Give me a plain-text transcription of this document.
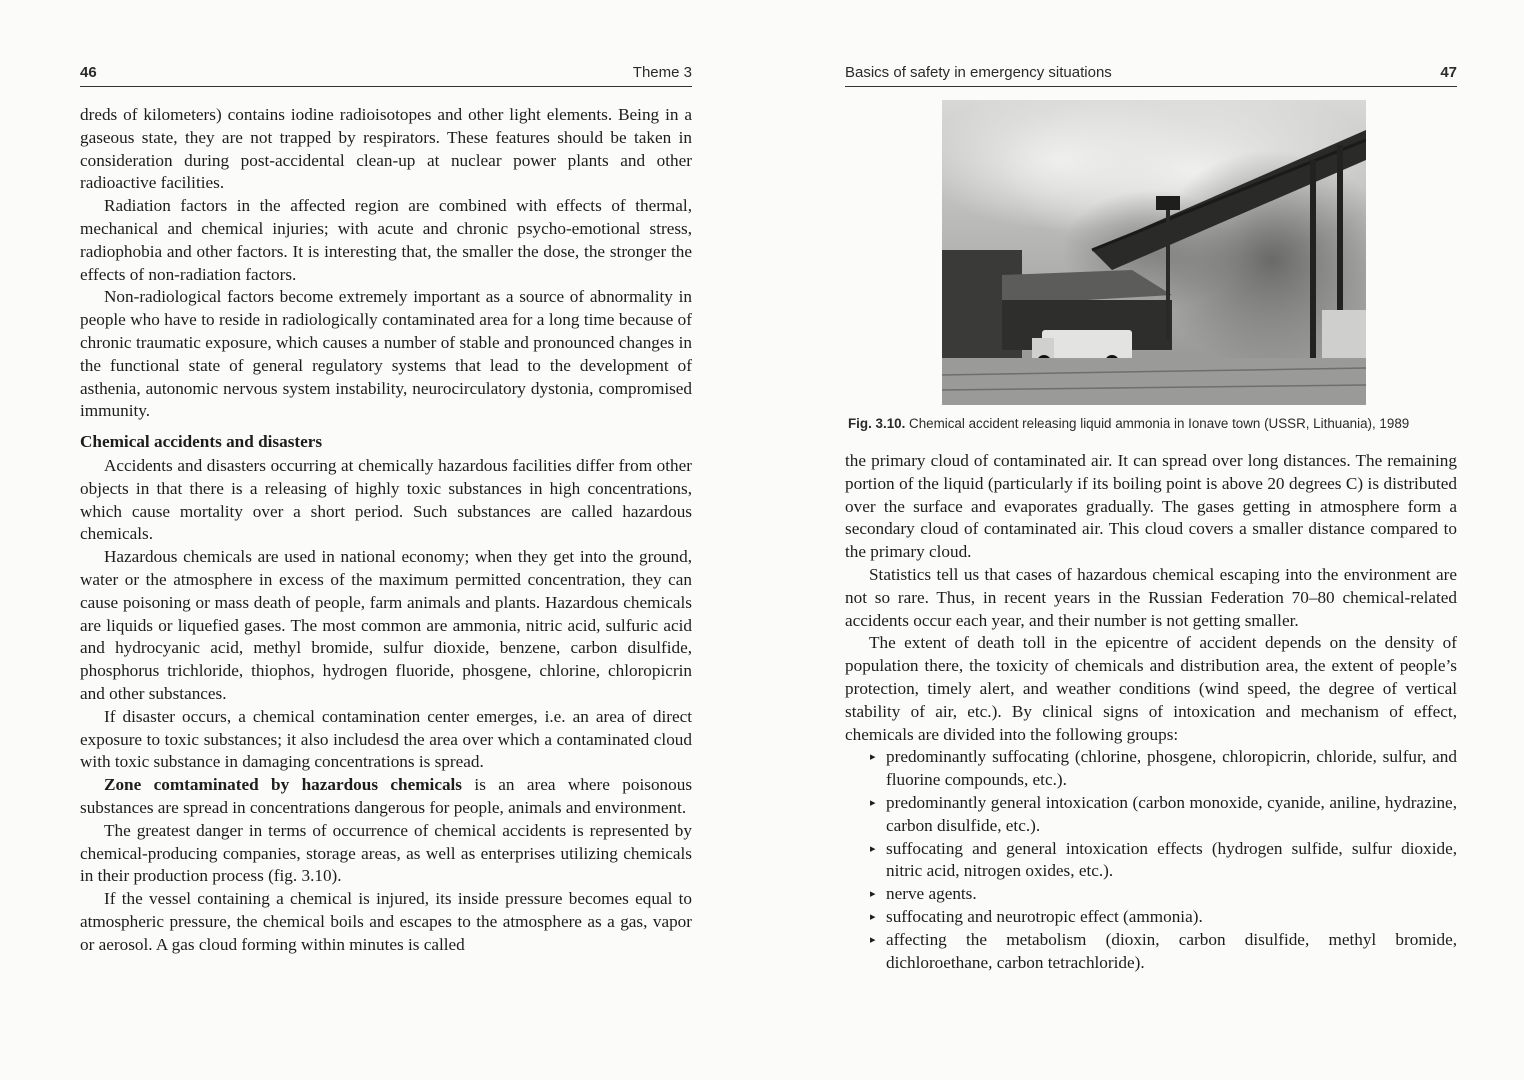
46	Theme 3

dreds of kilometers) contains iodine radioisotopes and other light elements. Being in a gaseous state, they are not trapped by respirators. These features should be taken in consideration during post-accidental clean-up at nuclear power plants and other radioactive facilities.

Radiation factors in the affected region are combined with effects of thermal, mechanical and chemical injuries; with acute and chronic psycho-emotional stress, radiophobia and other factors. It is interesting that, the smaller the dose, the stronger the effects of non-radiation factors.

Non-radiological factors become extremely important as a source of abnormality in people who have to reside in radiologically contaminated area for a long time because of chronic traumatic exposure, which causes a number of stable and pronounced changes in the functional state of general regulatory systems that lead to the development of asthenia, autonomic nervous system instability, neurocirculatory dystonia, compromised immunity.

Chemical accidents and disasters

Accidents and disasters occurring at chemically hazardous facilities differ from other objects in that there is a releasing of highly toxic substances in high concentrations, which cause mortality over a short period. Such substances are called hazardous chemicals.

Hazardous chemicals are used in national economy; when they get into the ground, water or the atmosphere in excess of the maximum permitted concentration, they can cause poisoning or mass death of people, farm animals and plants. Hazardous chemicals are liquids or liquefied gases. The most common are ammonia, nitric acid, sulfuric acid and hydrocyanic acid, methyl bromide, sulfur dioxide, benzene, carbon disulfide, phosphorus trichloride, thiophos, hydrogen fluoride, phosgene, chlorine, chloropicrin and other substances.

If disaster occurs, a chemical contamination center emerges, i.e. an area of direct exposure to toxic substances; it also includesd the area over which a contaminated cloud with toxic substance in damaging concentrations is spread.

Zone comtaminated by hazardous chemicals is an area where poisonous substances are spread in concentrations dangerous for people, animals and environment.

The greatest danger in terms of occurrence of chemical accidents is represented by chemical-producing companies, storage areas, as well as enterprises utilizing chemicals in their production process (fig. 3.10).

If the vessel containing a chemical is injured, its inside pressure becomes equal to atmospheric pressure, the chemical boils and escapes to the atmosphere as a gas, vapor or aerosol. A gas cloud forming within minutes is called

Basics of safety in emergency situations	47
Fig. 3.10. Chemical accident releasing liquid ammonia in Ionave town (USSR, Lithuania), 1989

the primary cloud of contaminated air. It can spread over long distances. The remaining portion of the liquid (particularly if its boiling point is above 20 degrees C) is distributed over the surface and evaporates gradually. The gases getting in atmosphere form a secondary cloud of contaminated air. This cloud covers a smaller distance compared to the primary cloud.

Statistics tell us that cases of hazardous chemical escaping into the environment are not so rare. Thus, in recent years in the Russian Federation 70–80 chemical-related accidents occur each year, and their number is not getting smaller.

The extent of death toll in the epicentre of accident depends on the density of population there, the toxicity of chemicals and distribution area, the extent of people’s protection, timely alert, and weather conditions (wind speed, the degree of vertical stability of air, etc.). By clinical signs of intoxication and mechanism of effect, chemicals are divided into the following groups:

▸ predominantly suffocating (chlorine, phosgene, chloropicrin, chloride, sulfur, and fluorine compounds, etc.).
▸ predominantly general intoxication (carbon monoxide, cyanide, aniline, hydrazine, carbon disulfide, etc.).
▸ suffocating and general intoxication effects (hydrogen sulfide, sulfur dioxide, nitric acid, nitrogen oxides, etc.).
▸ nerve agents.
▸ suffocating and neurotropic effect (ammonia).
▸ affecting the metabolism (dioxin, carbon disulfide, methyl bromide, dichloroethane, carbon tetrachloride).
